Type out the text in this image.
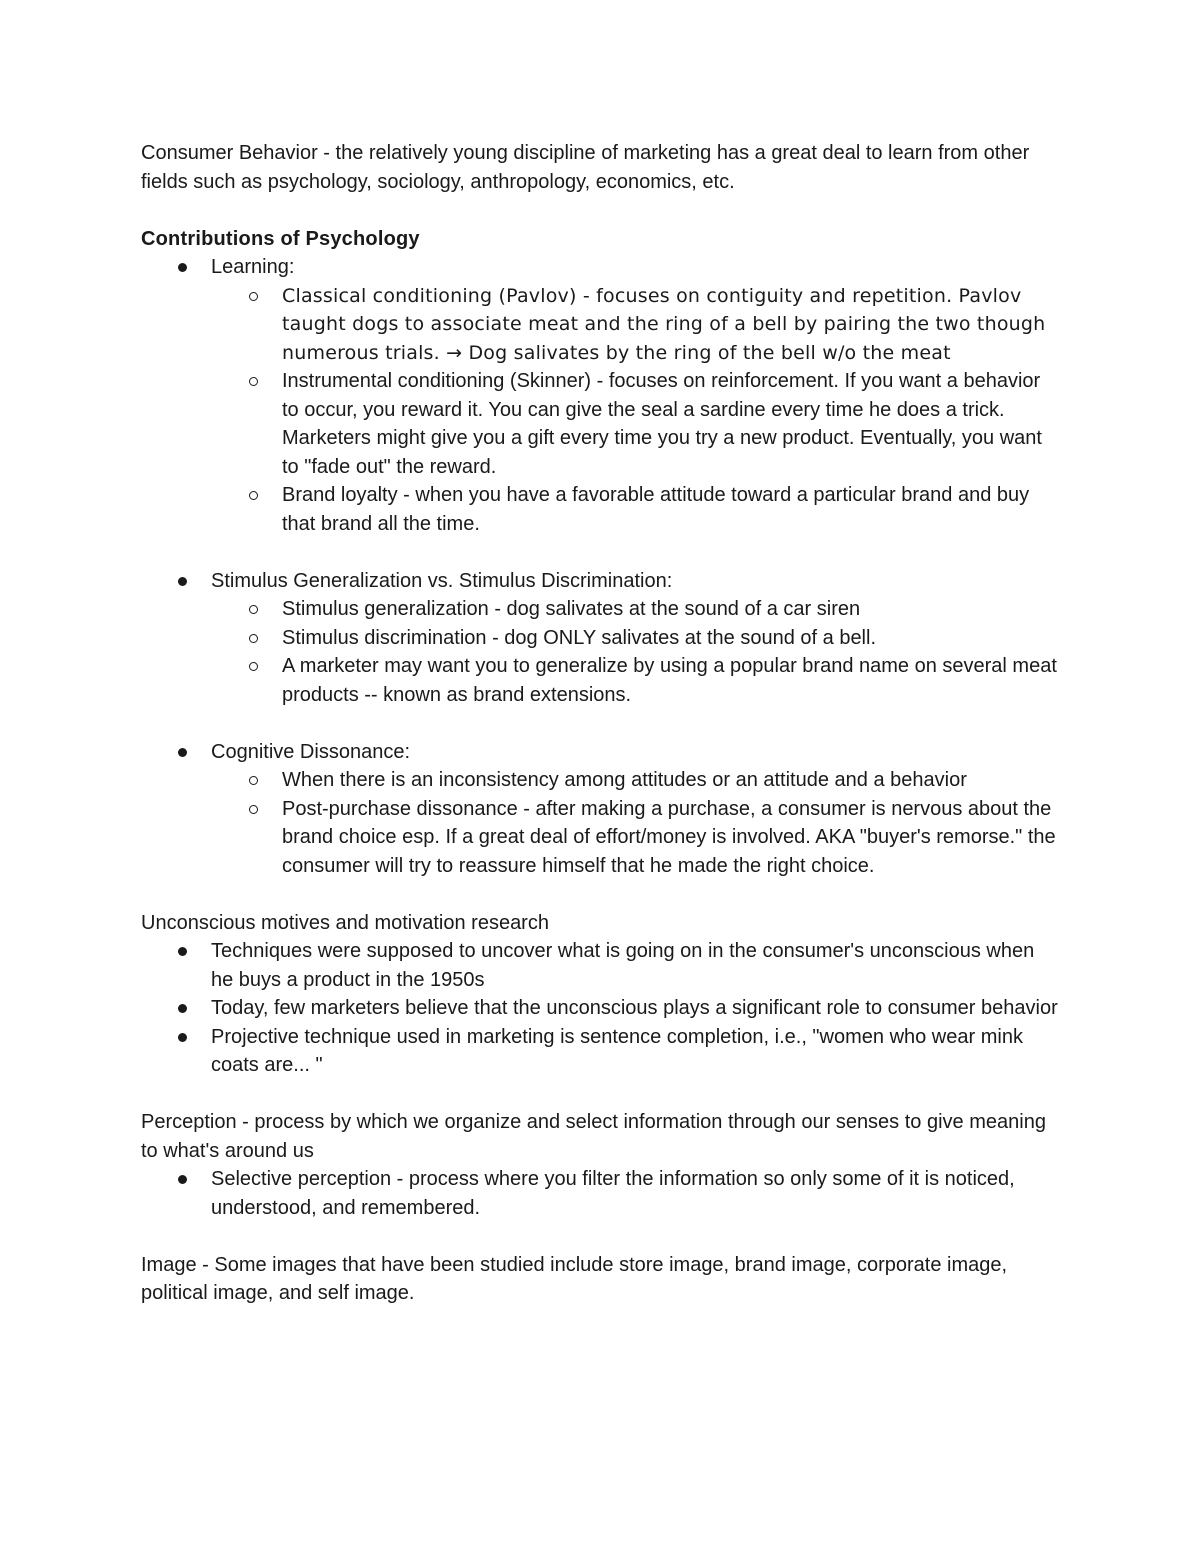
Consumer Behavior - the relatively young discipline of marketing has a great deal to learn from other fields such as psychology, sociology, anthropology, economics, etc.

Contributions of Psychology

Learning:
Classical conditioning (Pavlov) - focuses on contiguity and repetition. Pavlov taught dogs to associate meat and the ring of a bell by pairing the two though numerous trials. → Dog salivates by the ring of the bell w/o the meat
Instrumental conditioning (Skinner) - focuses on reinforcement. If you want a behavior to occur, you reward it. You can give the seal a sardine every time he does a trick. Marketers might give you a gift every time you try a new product. Eventually, you want to "fade out" the reward.
Brand loyalty - when you have a favorable attitude toward a particular brand and buy that brand all the time.
Stimulus Generalization vs. Stimulus Discrimination:
Stimulus generalization - dog salivates at the sound of a car siren
Stimulus discrimination - dog ONLY salivates at the sound of a bell.
A marketer may want you to generalize by using a popular brand name on several meat products -- known as brand extensions.
Cognitive Dissonance:
When there is an inconsistency among attitudes or an attitude and a behavior
Post-purchase dissonance - after making a purchase, a consumer is nervous about the brand choice esp. If a great deal of effort/money is involved. AKA "buyer's remorse." the consumer will try to reassure himself that he made the right choice.

Unconscious motives and motivation research

Techniques were supposed to uncover what is going on in the consumer's unconscious when he buys a product in the 1950s
Today, few marketers believe that the unconscious plays a significant role to consumer behavior
Projective technique used in marketing is sentence completion, i.e., "women who wear mink coats are... "

Perception - process by which we organize and select information through our senses to give meaning to what's around us

Selective perception - process where you filter the information so only some of it is noticed, understood, and remembered.

Image - Some images that have been studied include store image, brand image, corporate image, political image, and self image.
